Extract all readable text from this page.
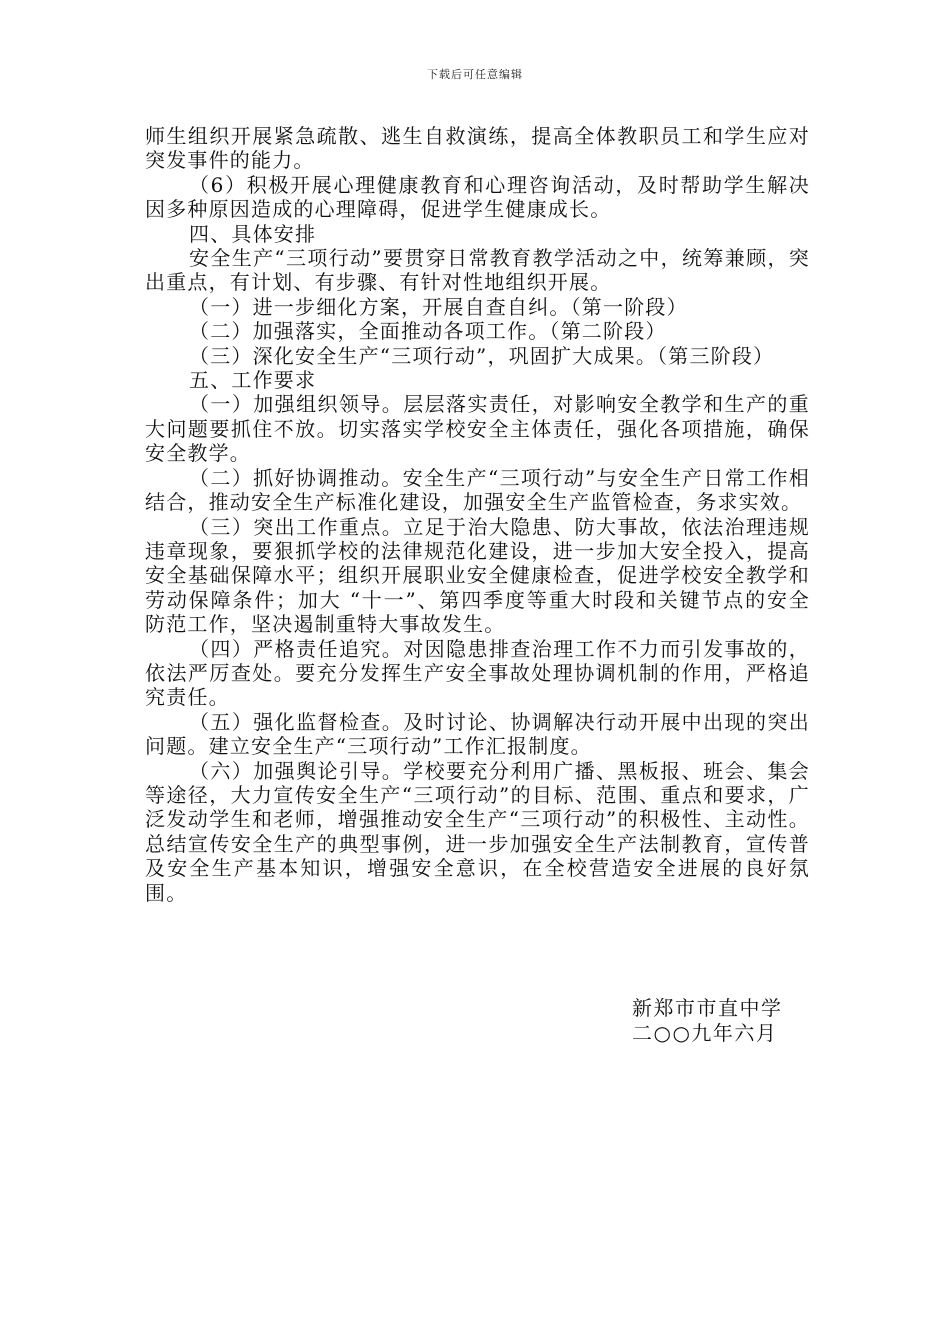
下载后可任意编辑

师生组织开展紧急疏散、逃生自救演练，提高全体教职员工和学生应对突发事件的能力。

（6）积极开展心理健康教育和心理咨询活动，及时帮助学生解决因多种原因造成的心理障碍，促进学生健康成长。

四、具体安排

安全生产“三项行动”要贯穿日常教育教学活动之中，统筹兼顾，突出重点，有计划、有步骤、有针对性地组织开展。

（一）进一步细化方案，开展自查自纠。（第一阶段）

（二）加强落实，全面推动各项工作。（第二阶段）

（三）深化安全生产“三项行动”，巩固扩大成果。（第三阶段）

五、工作要求

（一）加强组织领导。层层落实责任，对影响安全教学和生产的重大问题要抓住不放。切实落实学校安全主体责任，强化各项措施，确保安全教学。

（二）抓好协调推动。安全生产“三项行动”与安全生产日常工作相结合，推动安全生产标准化建设，加强安全生产监管检查，务求实效。

（三）突出工作重点。立足于治大隐患、防大事故，依法治理违规违章现象，要狠抓学校的法律规范化建设，进一步加大安全投入，提高安全基础保障水平；组织开展职业安全健康检查，促进学校安全教学和劳动保障条件；加大 “十一”、第四季度等重大时段和关键节点的安全防范工作，坚决遏制重特大事故发生。

（四）严格责任追究。对因隐患排查治理工作不力而引发事故的，依法严厉查处。要充分发挥生产安全事故处理协调机制的作用，严格追究责任。

（五）强化监督检查。及时讨论、协调解决行动开展中出现的突出问题。建立安全生产“三项行动”工作汇报制度。

（六）加强舆论引导。学校要充分利用广播、黑板报、班会、集会等途径，大力宣传安全生产“三项行动”的目标、范围、重点和要求，广泛发动学生和老师，增强推动安全生产“三项行动”的积极性、主动性。总结宣传安全生产的典型事例，进一步加强安全生产法制教育，宣传普及安全生产基本知识，增强安全意识，在全校营造安全进展的良好氛围。

新郑市市直中学
二○○九年六月
